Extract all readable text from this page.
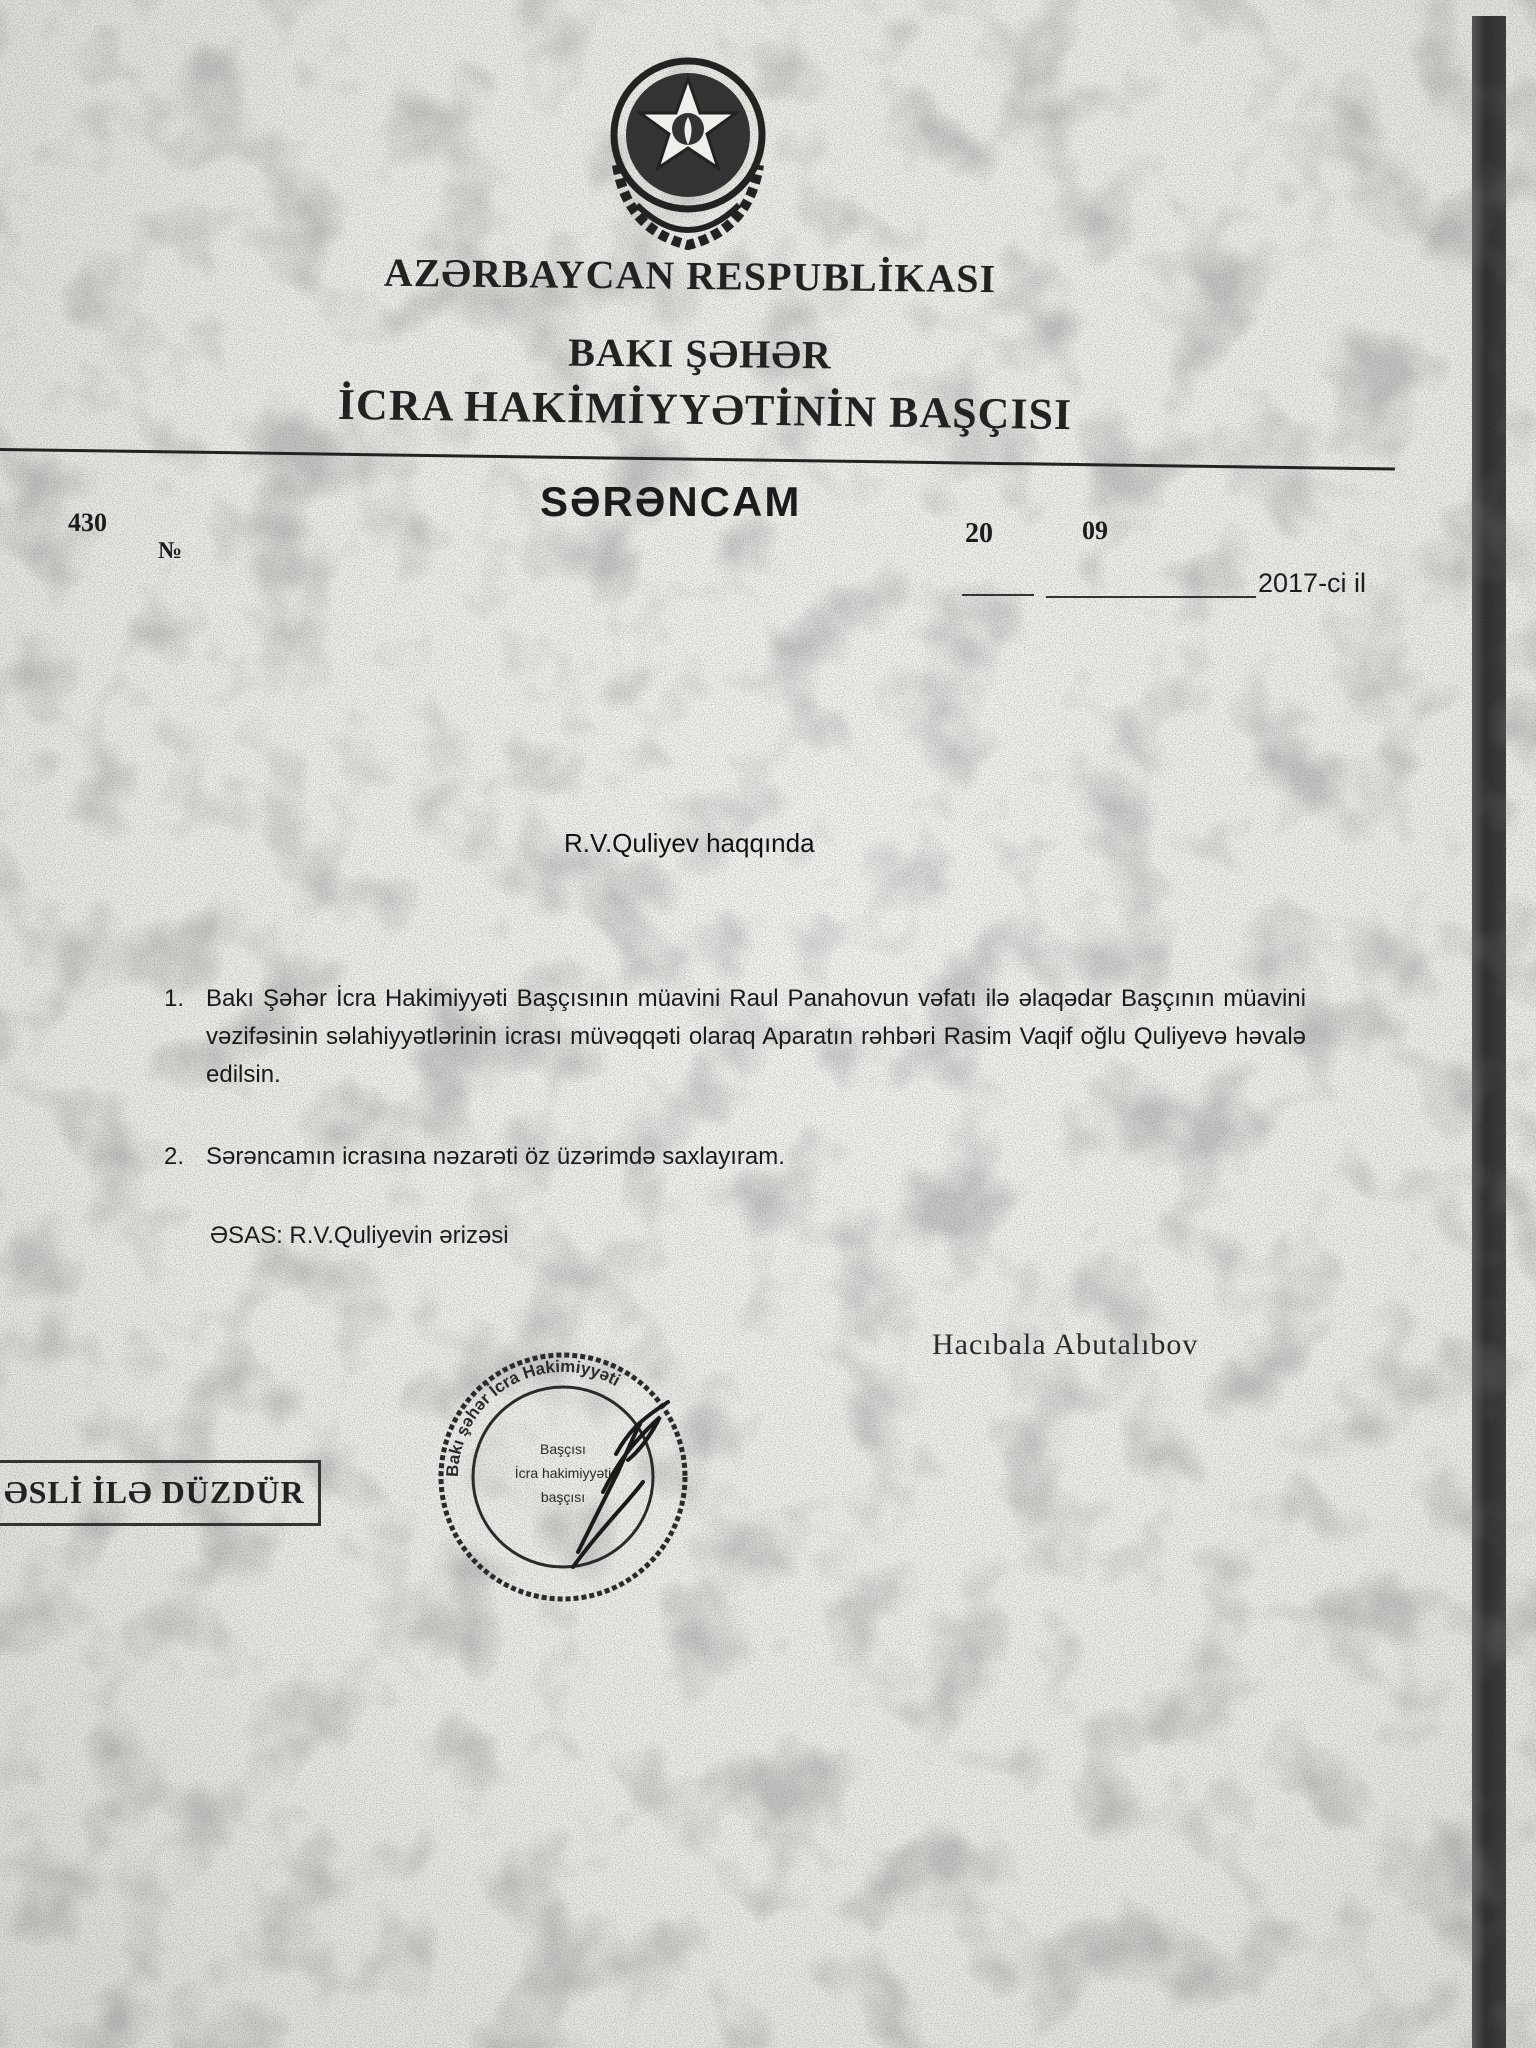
AZƏRBAYCAN RESPUBLİKASI
BAKI ŞƏHƏR
İCRA HAKİMİYYƏTİNİN BAŞÇISI
SƏRƏNCAM
430
№
20	09
2017-ci il
R.V.Quliyev haqqında
1. Bakı Şəhər İcra Hakimiyyəti Başçısının müavini Raul Panahovun vəfatı ilə əlaqədar Başçının müavini vəzifəsinin səlahiyyətlərinin icrası müvəqqəti olaraq Aparatın rəhbəri Rasim Vaqif oğlu Quliyevə həvalə edilsin.
2. Sərəncamın icrasına nəzarəti öz üzərimdə saxlayıram.
ƏSAS: R.V.Quliyevin ərizəsi
Hacıbala Abutalıbov
ƏSLİ İLƏ DÜZDÜR
Bakı şəhər İcra Hakimiyyəti
Başçısı
İcra hakimiyyəti
başçısı
